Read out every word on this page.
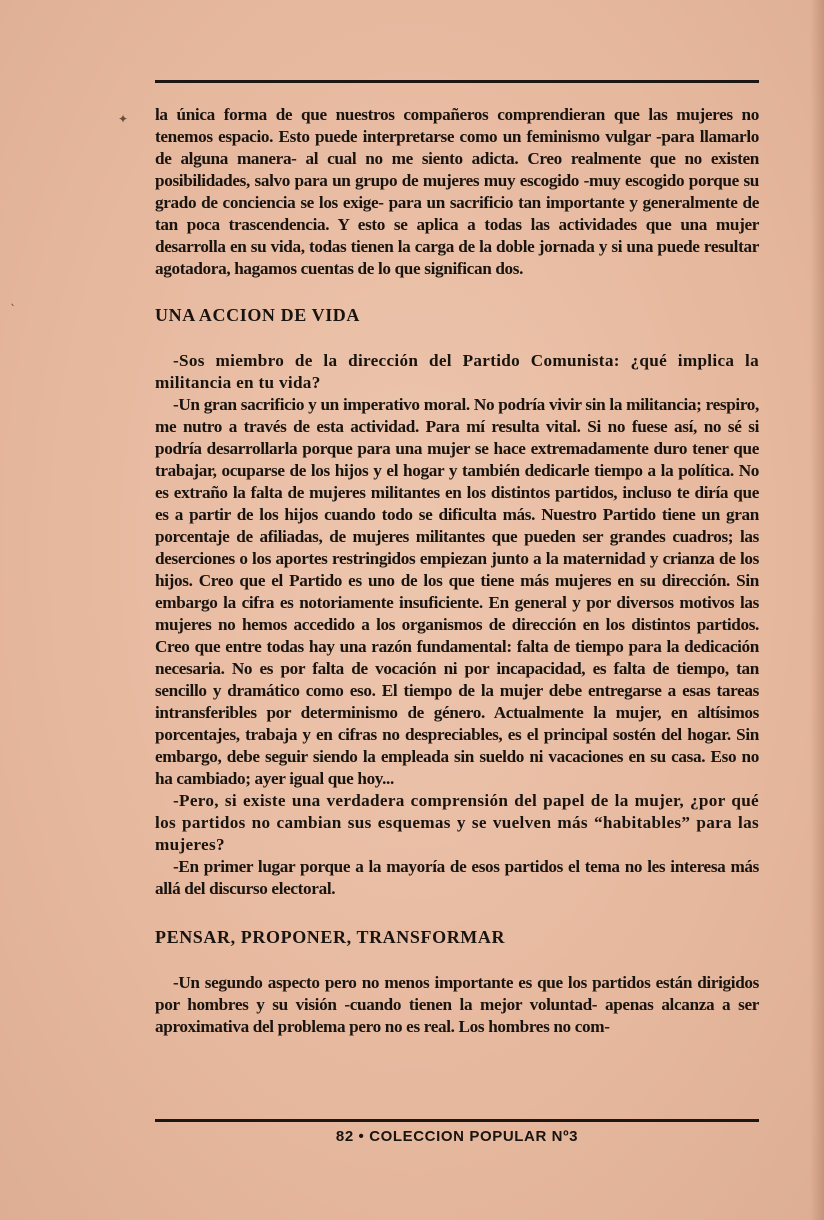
✦
ˎ

la única forma de que nuestros compañeros comprendieran que las mujeres no tenemos espacio. Esto puede interpretarse como un feminismo vulgar -para llamarlo de alguna manera- al cual no me siento adicta. Creo realmente que no existen posibilidades, salvo para un grupo de mujeres muy escogido -muy escogido porque su grado de conciencia se los exige- para un sacrificio tan importante y generalmente de tan poca trascendencia. Y esto se aplica a todas las actividades que una mujer desarrolla en su vida, todas tienen la carga de la doble jornada y si una puede resultar agotadora, hagamos cuentas de lo que significan dos.

UNA ACCION DE VIDA

-Sos miembro de la dirección del Partido Comunista: ¿qué implica la militancia en tu vida?

-Un gran sacrificio y un imperativo moral. No podría vivir sin la militancia; respiro, me nutro a través de esta actividad. Para mí resulta vital. Si no fuese así, no sé si podría desarrollarla porque para una mujer se hace extremadamente duro tener que trabajar, ocuparse de los hijos y el hogar y también dedicarle tiempo a la política. No es extraño la falta de mujeres militantes en los distintos partidos, incluso te diría que es a partir de los hijos cuando todo se dificulta más. Nuestro Partido tiene un gran porcentaje de afiliadas, de mujeres militantes que pueden ser grandes cuadros; las deserciones o los aportes restringidos empiezan junto a la maternidad y crianza de los hijos. Creo que el Partido es uno de los que tiene más mujeres en su dirección. Sin embargo la cifra es notoriamente insuficiente. En general y por diversos motivos las mujeres no hemos accedido a los organismos de dirección en los distintos partidos. Creo que entre todas hay una razón fundamental: falta de tiempo para la dedicación necesaria. No es por falta de vocación ni por incapacidad, es falta de tiempo, tan sencillo y dramático como eso. El tiempo de la mujer debe entregarse a esas tareas intransferibles por determinismo de género. Actualmente la mujer, en altísimos porcentajes, trabaja y en cifras no despreciables, es el principal sostén del hogar. Sin embargo, debe seguir siendo la empleada sin sueldo ni vacaciones en su casa. Eso no ha cambiado; ayer igual que hoy...

-Pero, si existe una verdadera comprensión del papel de la mujer, ¿por qué los partidos no cambian sus esquemas y se vuelven más “habitables” para las mujeres?

-En primer lugar porque a la mayoría de esos partidos el tema no les interesa más allá del discurso electoral.

PENSAR, PROPONER, TRANSFORMAR

-Un segundo aspecto pero no menos importante es que los partidos están dirigidos por hombres y su visión -cuando tienen la mejor voluntad- apenas alcanza a ser aproximativa del problema pero no es real. Los hombres no com-

82 • COLECCION POPULAR Nº3
